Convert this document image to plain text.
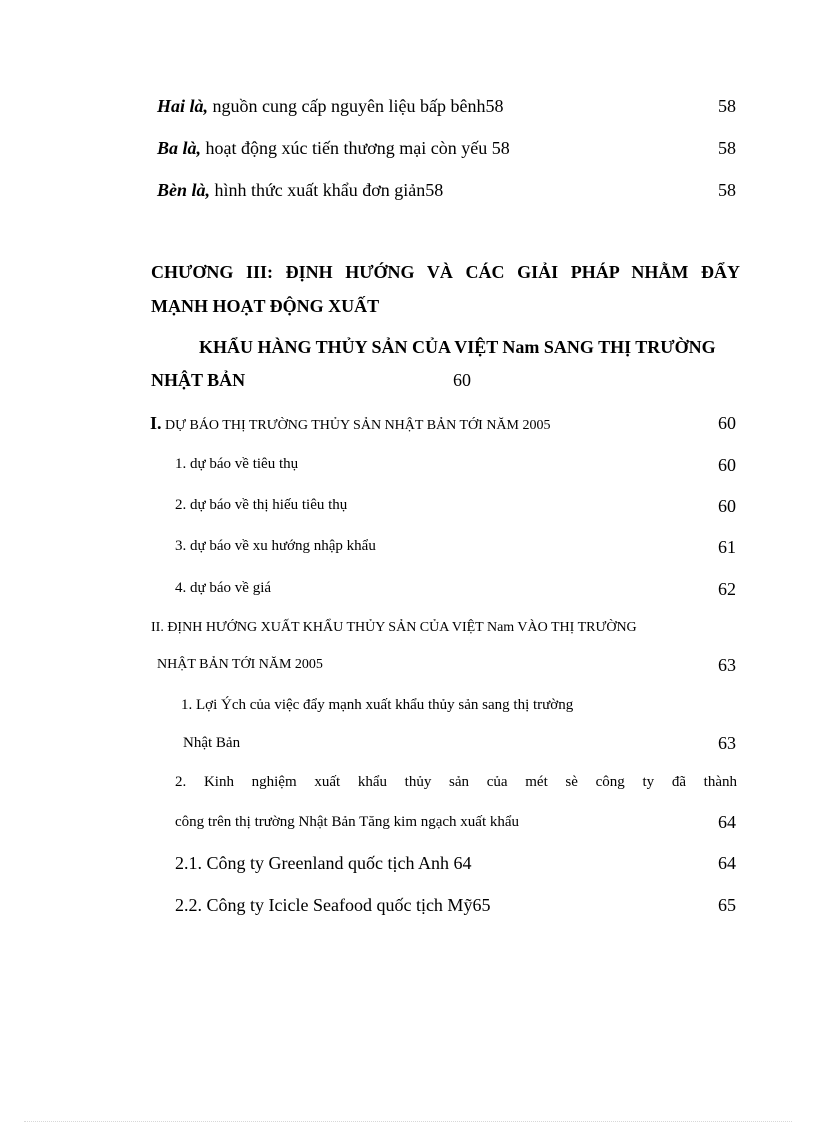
Hai là, nguồn cung cấp nguyên liệu bấp bênh58	58
Ba là, hoạt động xúc tiến thương mại còn yếu 58	58
Bèn là, hình thức xuất khẩu đơn giản58	58
CHƯƠNG III: ĐỊNH HƯỚNG VÀ CÁC GIẢI PHÁP NHẰM ĐẨY
MẠNH HOẠT ĐỘNG XUẤT
KHẨU HÀNG THỦY SẢN CỦA VIỆT Nam SANG THỊ TRƯỜNG
NHẬT BẢN	60
I. DỰ BÁO THỊ TRƯỜNG THỦY SẢN NHẬT BẢN TỚI NĂM 2005	60
1. dự báo về tiêu thụ	60
2. dự báo về thị hiếu tiêu thụ	60
3. dự báo về xu hướng nhập khẩu	61
4. dự báo về giá	62
II. ĐỊNH HƯỚNG XUẤT KHẨU THỦY SẢN CỦA VIỆT Nam VÀO THỊ TRƯỜNG
NHẬT BẢN TỚI NĂM 2005	63
1. Lợi Ých của việc đẩy mạnh xuất khẩu thủy sản sang thị trường
Nhật Bản	63
2. Kinh nghiệm xuất khẩu thủy sản của mét sè công ty đã thành
công trên thị trường Nhật Bản Tăng kim ngạch xuất khẩu	64
2.1. Công ty Greenland quốc tịch Anh 64	64
2.2. Công ty Icicle Seafood quốc tịch Mỹ65	65
